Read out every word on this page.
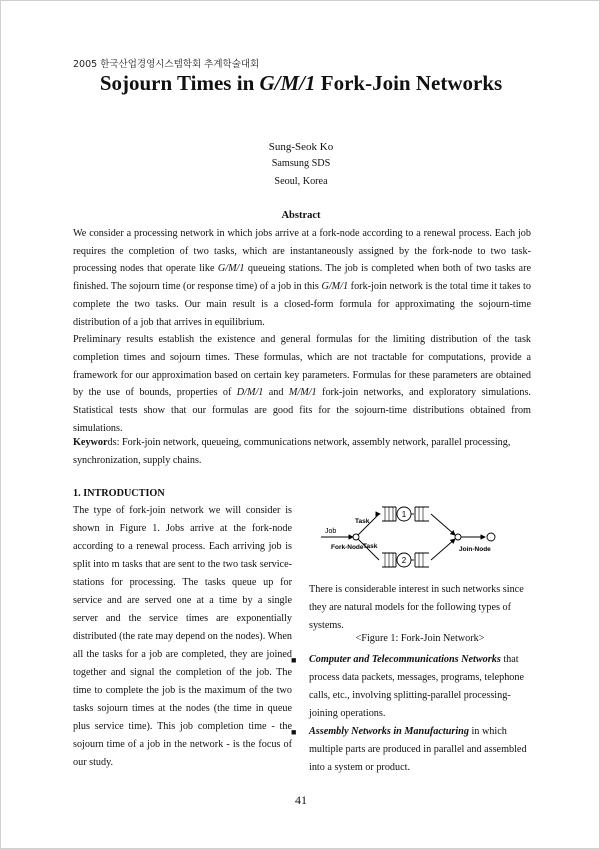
2005 한국산업경영시스템학회 추계학술대회
Sojourn Times in G/M/1 Fork-Join Networks
Sung-Seok Ko
Samsung SDS
Seoul, Korea
Abstract

We consider a processing network in which jobs arrive at a fork-node according to a renewal process. Each job requires the completion of two tasks, which are instantaneously assigned by the fork-node to two task-processing nodes that operate like G/M/1 queueing stations. The job is completed when both of two tasks are finished. The sojourn time (or response time) of a job in this G/M/1 fork-join network is the total time it takes to complete the two tasks. Our main result is a closed-form formula for approximating the sojourn-time distribution of a job that arrives in equilibrium.

Preliminary results establish the existence and general formulas for the limiting distribution of the task completion times and sojourn times. These formulas, which are not tractable for computations, provide a framework for our approximation based on certain key parameters. Formulas for these parameters are obtained by the use of bounds, properties of D/M/1 and M/M/1 fork-join networks, and exploratory simulations. Statistical tests show that our formulas are good fits for the sojourn-time distributions obtained from simulations.

Keywords: Fork-join network, queueing, communications network, assembly network, parallel processing, synchronization, supply chains.
1. INTRODUCTION
The type of fork-join network we will consider is shown in Figure 1. Jobs arrive at the fork-node according to a renewal process. Each arriving job is split into m tasks that are sent to the two task service-stations for processing. The tasks queue up for service and are served one at a time by a single server and the service times are exponentially distributed (the rate may depend on the nodes). When all the tasks for a job are completed, they are joined together and signal the completion of the job. The time to complete the job is the maximum of the two tasks sojourn times at the nodes (the time in queue plus service time). This job completion time - the sojourn time of a job in the network - is the focus of our study.
Job
Fork-Node
Task
1
Task
2
Join-Node
There is considerable interest in such networks since they are natural models for the following types of systems.
<Figure 1: Fork-Join Network>
■ Computer and Telecommunications Networks that process data packets, messages, programs, telephone calls, etc., involving splitting-parallel processing-joining operations.
■ Assembly Networks in Manufacturing in which multiple parts are produced in parallel and assembled into a system or product.
41
